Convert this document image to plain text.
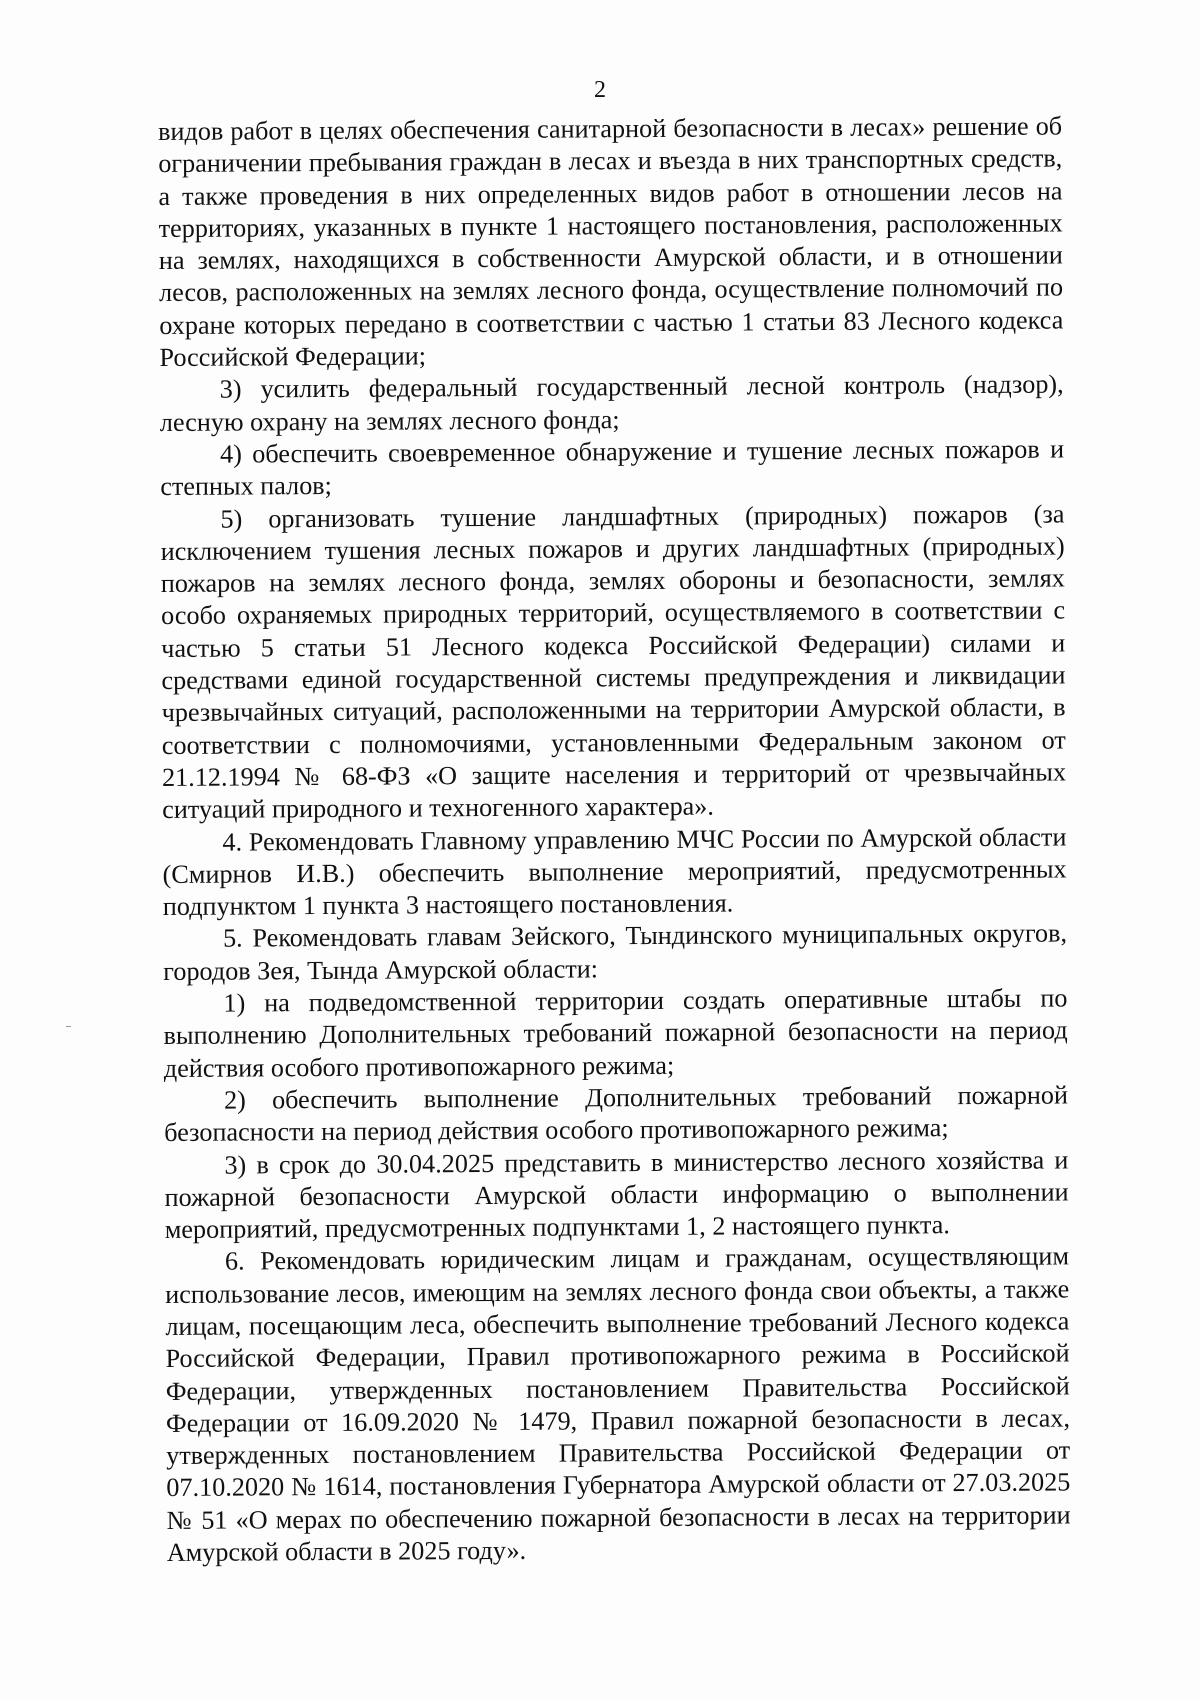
2

видов работ в целях обеспечения санитарной безопасности в лесах» решение об ограничении пребывания граждан в лесах и въезда в них транспортных средств, а также проведения в них определенных видов работ в отношении лесов на территориях, указанных в пункте 1 настоящего постановления, расположенных на землях, находящихся в собственности Амурской области, и в отношении лесов, расположенных на землях лесного фонда, осуществление полномочий по охране которых передано в соответствии с частью 1 статьи 83 Лесного кодекса Российской Федерации;

3) усилить федеральный государственный лесной контроль (надзор), лесную охрану на землях лесного фонда;

4) обеспечить своевременное обнаружение и тушение лесных пожаров и степных палов;

5) организовать тушение ландшафтных (природных) пожаров (за исключением тушения лесных пожаров и других ландшафтных (природных) пожаров на землях лесного фонда, землях обороны и безопасности, землях особо охраняемых природных территорий, осуществляемого в соответствии с частью 5 статьи 51 Лесного кодекса Российской Федерации) силами и средствами единой государственной системы предупреждения и ликвидации чрезвычайных ситуаций, расположенными на территории Амурской области, в соответствии с полномочиями, установленными Федеральным законом от 21.12.1994 № 68-ФЗ «О защите населения и территорий от чрезвычайных ситуаций природного и техногенного характера».

4. Рекомендовать Главному управлению МЧС России по Амурской области (Смирнов И.В.) обеспечить выполнение мероприятий, предусмотренных подпунктом 1 пункта 3 настоящего постановления.

5. Рекомендовать главам Зейского, Тындинского муниципальных округов, городов Зея, Тында Амурской области:

1) на подведомственной территории создать оперативные штабы по выполнению Дополнительных требований пожарной безопасности на период действия особого противопожарного режима;

2) обеспечить выполнение Дополнительных требований пожарной безопасности на период действия особого противопожарного режима;

3) в срок до 30.04.2025 представить в министерство лесного хозяйства и пожарной безопасности Амурской области информацию о выполнении мероприятий, предусмотренных подпунктами 1, 2 настоящего пункта.

6. Рекомендовать юридическим лицам и гражданам, осуществляющим использование лесов, имеющим на землях лесного фонда свои объекты, а также лицам, посещающим леса, обеспечить выполнение требований Лесного кодекса Российской Федерации, Правил противопожарного режима в Российской Федерации, утвержденных постановлением Правительства Российской Федерации от 16.09.2020 № 1479, Правил пожарной безопасности в лесах, утвержденных постановлением Правительства Российской Федерации от 07.10.2020 № 1614, постановления Губернатора Амурской области от 27.03.2025 № 51 «О мерах по обеспечению пожарной безопасности в лесах на территории Амурской области в 2025 году».
